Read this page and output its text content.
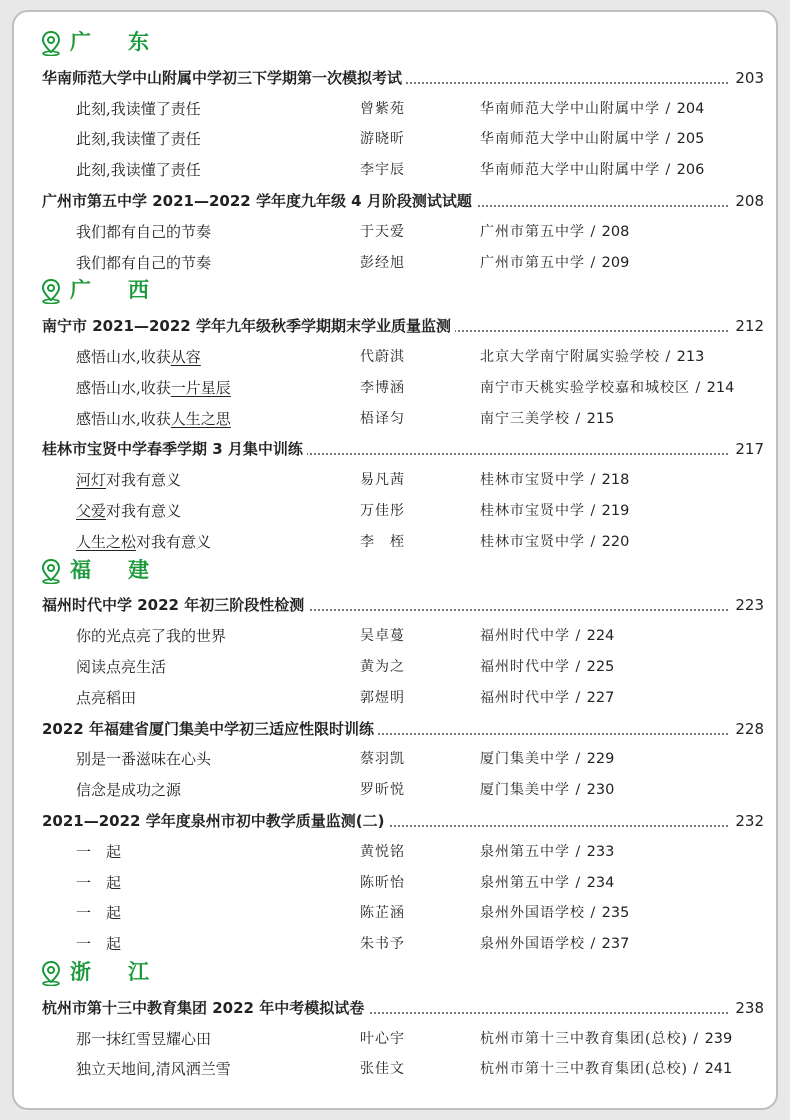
广　东
华南师范大学中山附属中学初三下学期第一次模拟考试	203
此刻,我读懂了责任	曾紫苑	华南师范大学中山附属中学 / 204
此刻,我读懂了责任	游晓昕	华南师范大学中山附属中学 / 205
此刻,我读懂了责任	李宇辰	华南师范大学中山附属中学 / 206
广州市第五中学 2021—2022 学年度九年级 4 月阶段测试试题	208
我们都有自己的节奏	于天爱	广州市第五中学 / 208
我们都有自己的节奏	彭经旭	广州市第五中学 / 209
广　西
南宁市 2021—2022 学年九年级秋季学期期末学业质量监测	212
感悟山水,收获从容	代蔚淇	北京大学南宁附属实验学校 / 213
感悟山水,收获一片星辰	李博涵	南宁市天桃实验学校嘉和城校区 / 214
感悟山水,收获人生之思	梧译匀	南宁三美学校 / 215
桂林市宝贤中学春季学期 3 月集中训练	217
河灯对我有意义	易凡茜	桂林市宝贤中学 / 218
父爱对我有意义	万佳彤	桂林市宝贤中学 / 219
人生之松对我有意义	李　桎	桂林市宝贤中学 / 220
福　建
福州时代中学 2022 年初三阶段性检测	223
你的光点亮了我的世界	吴卓蔓	福州时代中学 / 224
阅读点亮生活	黄为之	福州时代中学 / 225
点亮稻田	郭煜明	福州时代中学 / 227
2022 年福建省厦门集美中学初三适应性限时训练	228
别是一番滋味在心头	蔡羽凯	厦门集美中学 / 229
信念是成功之源	罗昕悦	厦门集美中学 / 230
2021—2022 学年度泉州市初中教学质量监测(二)	232
一　起	黄悦铭	泉州第五中学 / 233
一　起	陈昕怡	泉州第五中学 / 234
一　起	陈芷涵	泉州外国语学校 / 235
一　起	朱书予	泉州外国语学校 / 237
浙　江
杭州市第十三中教育集团 2022 年中考模拟试卷	238
那一抹红雪昱耀心田	叶心宇	杭州市第十三中教育集团(总校) / 239
独立天地间,清风洒兰雪	张佳文	杭州市第十三中教育集团(总校) / 241
